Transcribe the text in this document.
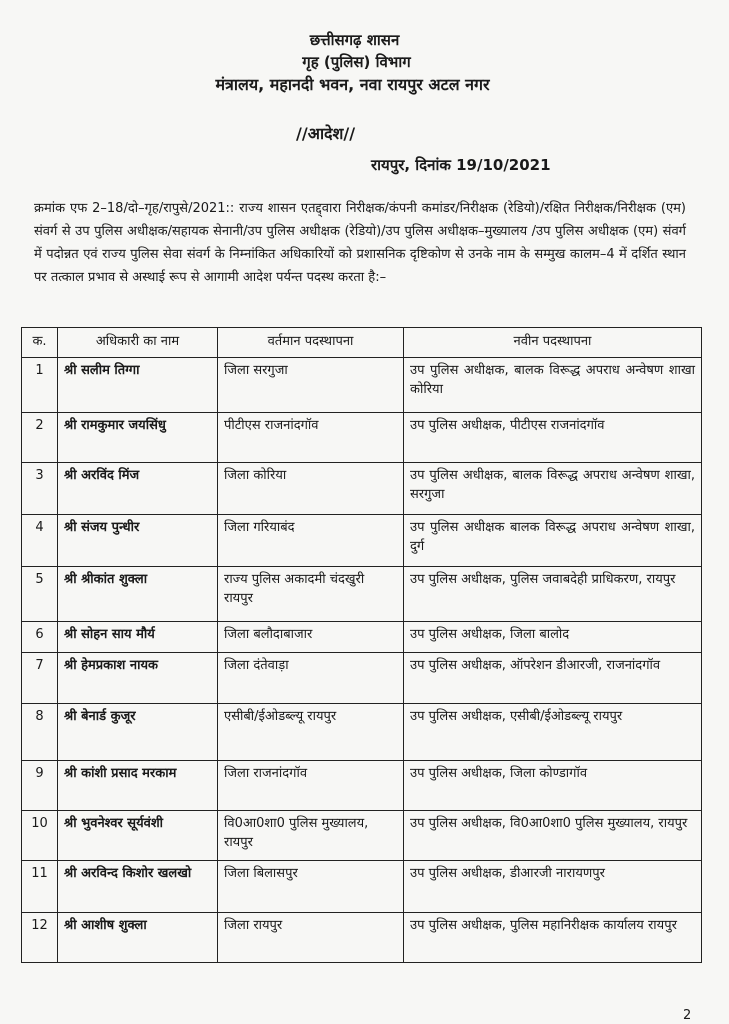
छत्तीसगढ़ शासन
गृह (पुलिस) विभाग
मंत्रालय, महानदी भवन, नवा रायपुर अटल नगर
//आदेश//
रायपुर, दिनांक 19/10/2021
क्रमांक एफ 2–18/दो–गृह/रापुसे/2021:: राज्य शासन एतद्द्वारा निरीक्षक/कंपनी कमांडर/निरीक्षक (रेडियो)/रक्षित निरीक्षक/निरीक्षक (एम) संवर्ग से उप पुलिस अधीक्षक/सहायक सेनानी/उप पुलिस अधीक्षक (रेडियो)/उप पुलिस अधीक्षक–मुख्यालय /उप पुलिस अधीक्षक (एम) संवर्ग में पदोन्नत एवं राज्य पुलिस सेवा संवर्ग के निम्नांकित अधिकारियों को प्रशासनिक दृष्टिकोण से उनके नाम के सम्मुख कालम–4 में दर्शित स्थान पर तत्काल प्रभाव से अस्थाई रूप से आगामी आदेश पर्यन्त पदस्थ करता है:–
क.	अधिकारी का नाम	वर्तमान पदस्थापना	नवीन पदस्थापना
1	श्री सलीम तिग्गा	जिला सरगुजा	उप पुलिस अधीक्षक, बालक विरूद्ध अपराध अन्वेषण शाखा कोरिया
2	श्री रामकुमार जयसिंधु	पीटीएस राजनांदगॉव	उप पुलिस अधीक्षक, पीटीएस राजनांदगॉव
3	श्री अरविंद मिंज	जिला कोरिया	उप पुलिस अधीक्षक, बालक विरूद्ध अपराध अन्वेषण शाखा, सरगुजा
4	श्री संजय पुन्धीर	जिला गरियाबंद	उप पुलिस अधीक्षक बालक विरूद्ध अपराध अन्वेषण शाखा, दुर्ग
5	श्री श्रीकांत शुक्ला	राज्य पुलिस अकादमी चंदखुरी रायपुर	उप पुलिस अधीक्षक, पुलिस जवाबदेही प्राधिकरण, रायपुर
6	श्री सोहन साय मौर्य	जिला बलौदाबाजार	उप पुलिस अधीक्षक, जिला बालोद
7	श्री हेमप्रकाश नायक	जिला दंतेवाड़ा	उप पुलिस अधीक्षक, ऑपरेशन डीआरजी, राजनांदगॉव
8	श्री बेनार्ड कुजूर	एसीबी/ईओडब्ल्यू रायपुर	उप पुलिस अधीक्षक, एसीबी/ईओडब्ल्यू रायपुर
9	श्री कांशी प्रसाद मरकाम	जिला राजनांदगॉव	उप पुलिस अधीक्षक, जिला कोण्डागॉव
10	श्री भुवनेश्वर सूर्यवंशी	वि0आ0शा0 पुलिस मुख्यालय, रायपुर	उप पुलिस अधीक्षक, वि0आ0शा0 पुलिस मुख्यालय, रायपुर
11	श्री अरविन्द किशोर खलखो	जिला बिलासपुर	उप पुलिस अधीक्षक, डीआरजी नारायणपुर
12	श्री आशीष शुक्ला	जिला रायपुर	उप पुलिस अधीक्षक, पुलिस महानिरीक्षक कार्यालय रायपुर
2
